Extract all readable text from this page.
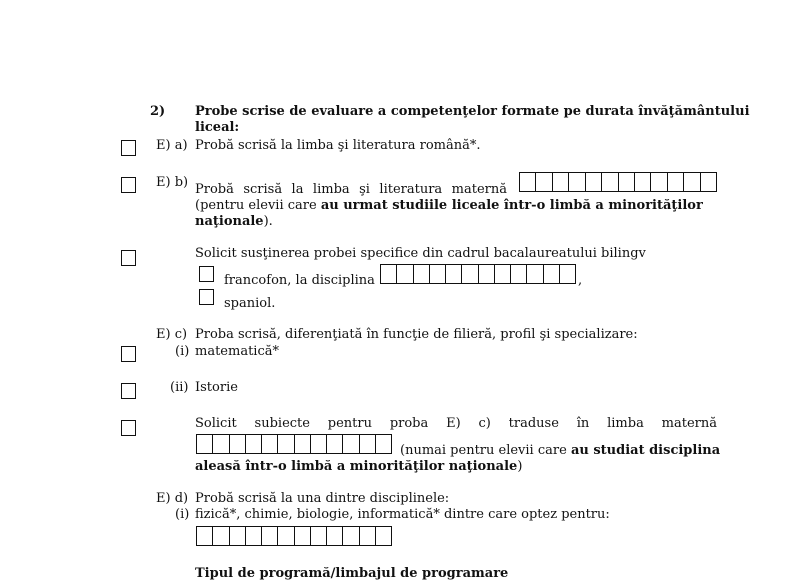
2) Probe scrise de evaluare a competenţelor formate pe durata învăţământului
liceal:
E) a) Probă scrisă la limba şi literatura română*.
E) b) Probă scrisă la limba şi literatura maternă
(pentru elevii care au urmat studiile liceale într-o limbă a minorităţilor
naţionale).
Solicit susţinerea probei specifice din cadrul bacalaureatului bilingv
francofon, la disciplina	,
spaniol.
E) c) Proba scrisă, diferenţiată în funcţie de filieră, profil şi specializare:
(i) matematică*
(ii) Istorie
Solicit subiecte pentru proba E) c) traduse în limba maternă
(numai pentru elevii care au studiat disciplina
aleasă într-o limbă a minorităţilor naţionale)
E) d) Probă scrisă la una dintre disciplinele:
(i) fizică*, chimie, biologie, informatică* dintre care optez pentru:
Tipul de programă/limbajul de programare
